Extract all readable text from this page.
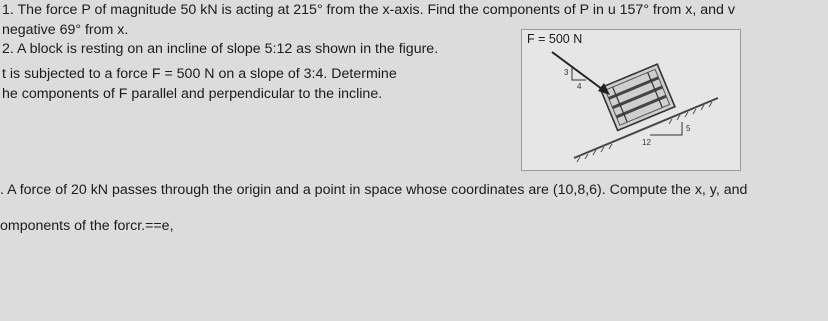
1. The force P of magnitude 50 kN is acting at 215° from the x-axis. Find the components of P in u 157° from x, and v
negative 69° from x.
2. A block is resting on an incline of slope 5:12 as shown in the figure.
t is subjected to a force F = 500 N on a slope of 3:4. Determine
he components of F parallel and perpendicular to the incline.
F = 500 N
3
4
5
12
. A force of 20 kN passes through the origin and a point in space whose coordinates are (10,8,6). Compute the x, y, and
omponents of the forcr.==e,
